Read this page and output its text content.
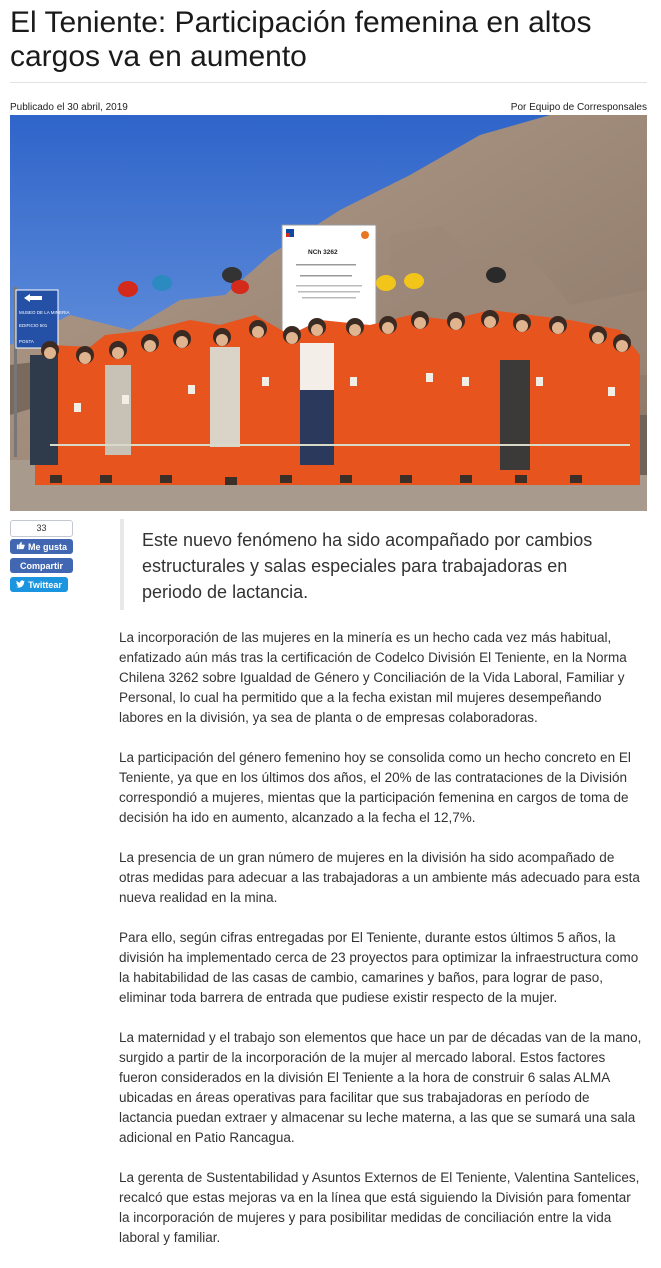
El Teniente: Participación femenina en altos cargos va en aumento
Publicado el 30 abril, 2019	Por Equipo de Corresponsales
MUSEO DE LA MINERIA
EDIFICIO 501
POSTA
NCh 3262
33
Me gusta
Compartir
Twittear
Este nuevo fenómeno ha sido acompañado por cambios estructurales y salas especiales para trabajadoras en periodo de lactancia.

La incorporación de las mujeres en la minería es un hecho cada vez más habitual, enfatizado aún más tras la certificación de Codelco División El Teniente, en la Norma Chilena 3262 sobre Igualdad de Género y Conciliación de la Vida Laboral, Familiar y Personal, lo cual ha permitido que a la fecha existan mil mujeres desempeñando labores en la división, ya sea de planta o de empresas colaboradoras.

La participación del género femenino hoy se consolida como un hecho concreto en El Teniente, ya que en los últimos dos años, el 20% de las contrataciones de la División correspondió a mujeres, mientas que la participación femenina en cargos de toma de decisión ha ido en aumento, alcanzado a la fecha el 12,7%.

La presencia de un gran número de mujeres en la división ha sido acompañado de otras medidas para adecuar a las trabajadoras a un ambiente más adecuado para esta nueva realidad en la mina.

Para ello, según cifras entregadas por El Teniente, durante estos últimos 5 años, la división ha implementado cerca de 23 proyectos para optimizar la infraestructura como la habitabilidad de las casas de cambio, camarines y baños, para lograr de paso, eliminar toda barrera de entrada que pudiese existir respecto de la mujer.

La maternidad y el trabajo son elementos que hace un par de décadas van de la mano, surgido a partir de la incorporación de la mujer al mercado laboral. Estos factores fueron considerados en la división El Teniente a la hora de construir 6 salas ALMA ubicadas en áreas operativas para facilitar que sus trabajadoras en período de lactancia puedan extraer y almacenar su leche materna, a las que se sumará una sala adicional en Patio Rancagua.

La gerenta de Sustentabilidad y Asuntos Externos de El Teniente, Valentina Santelices, recalcó que estas mejoras va en la línea que está siguiendo la División para fomentar la incorporación de mujeres y para posibilitar medidas de conciliación entre la vida laboral y familiar.
